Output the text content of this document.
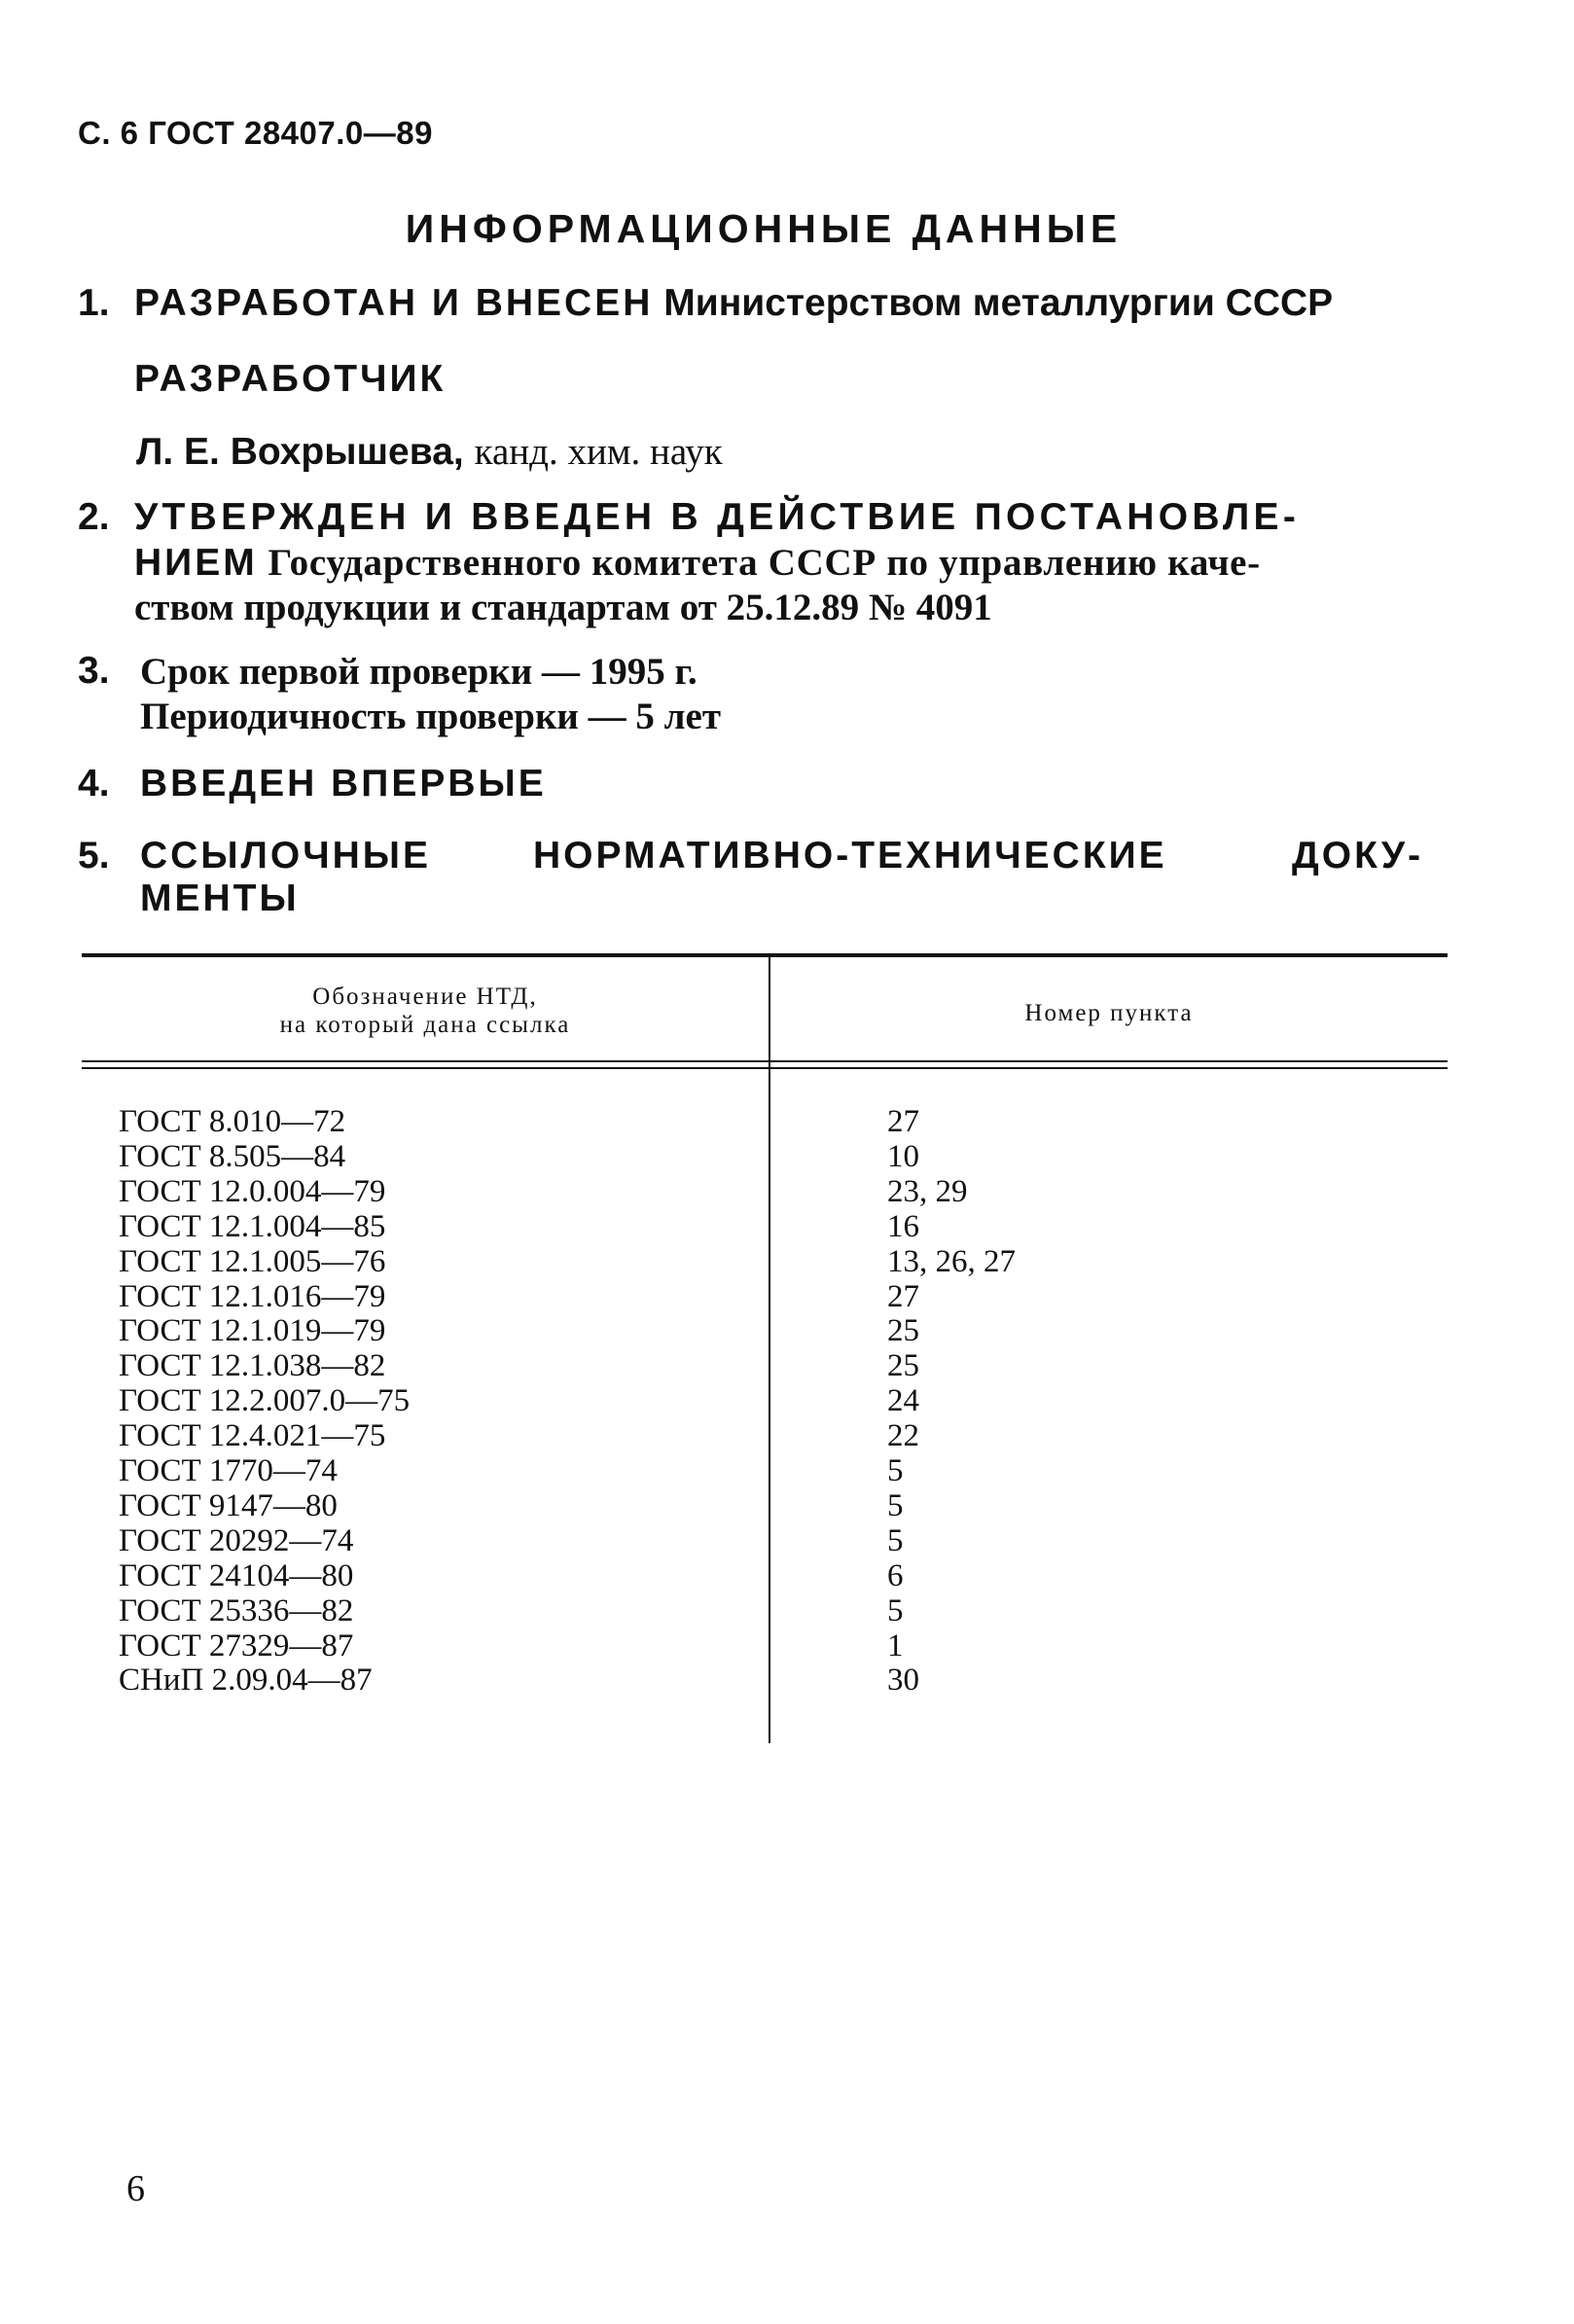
С. 6 ГОСТ 28407.0—89
ИНФОРМАЦИОННЫЕ ДАННЫЕ
1. РАЗРАБОТАН И ВНЕСЕН Министерством металлургии СССР
РАЗРАБОТЧИК
Л. Е. Вохрышева, канд. хим. наук
2. УТВЕРЖДЕН И ВВЕДЕН В ДЕЙСТВИЕ ПОСТАНОВЛЕ-
НИЕМ Государственного комитета СССР по управлению каче-
ством продукции и стандартам от 25.12.89 № 4091
3. Срок первой проверки — 1995 г.
Периодичность проверки — 5 лет
4. ВВЕДЕН ВПЕРВЫЕ
5. ССЫЛОЧНЫЕ	НОРМАТИВНО-ТЕХНИЧЕСКИЕ	ДОКУ-
МЕНТЫ
Обозначение НТД,
на который дана ссылка	Номер пункта
ГОСТ 8.010—72	27
ГОСТ 8.505—84	10
ГОСТ 12.0.004—79	23, 29
ГОСТ 12.1.004—85	16
ГОСТ 12.1.005—76	13, 26, 27
ГОСТ 12.1.016—79	27
ГОСТ 12.1.019—79	25
ГОСТ 12.1.038—82	25
ГОСТ 12.2.007.0—75	24
ГОСТ 12.4.021—75	22
ГОСТ 1770—74	5
ГОСТ 9147—80	5
ГОСТ 20292—74	5
ГОСТ 24104—80	6
ГОСТ 25336—82	5
ГОСТ 27329—87	1
СНиП 2.09.04—87	30
6
